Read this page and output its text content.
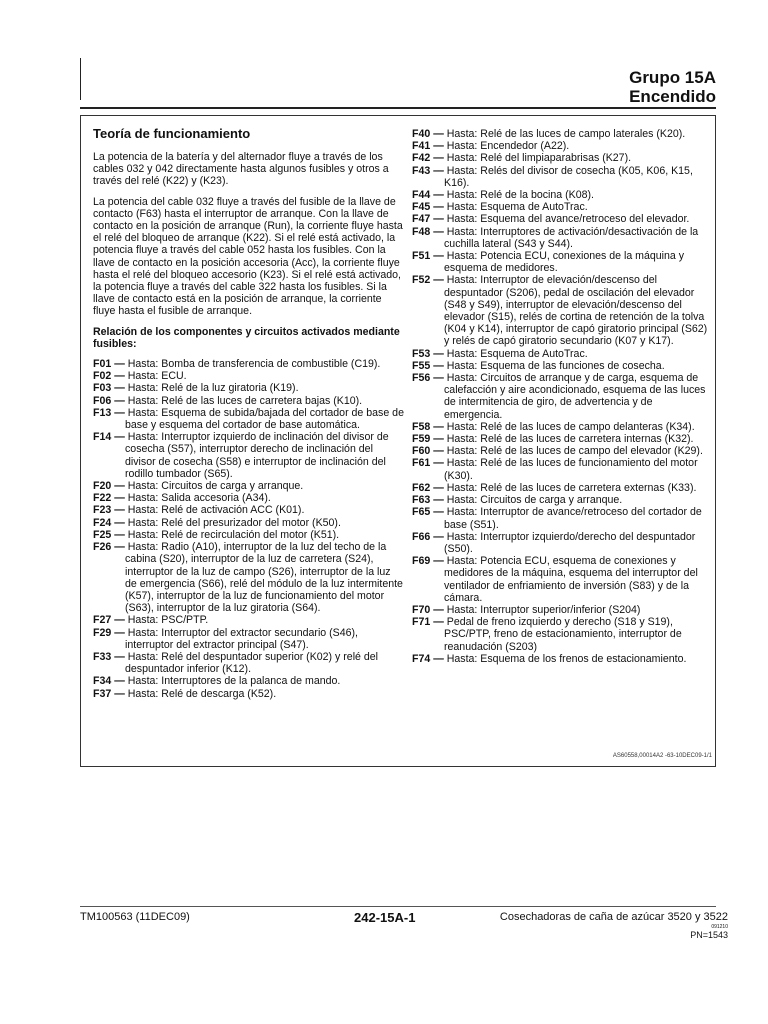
Grupo 15A
Encendido
Teoría de funcionamiento

La potencia de la batería y del alternador fluye a través de los cables 032 y 042 directamente hasta algunos fusibles y otros a través del relé (K22) y (K23).

La potencia del cable 032 fluye a través del fusible de la llave de contacto (F63) hasta el interruptor de arranque. Con la llave de contacto en la posición de arranque (Run), la corriente fluye hasta el relé del bloqueo de arranque (K22). Si el relé está activado, la potencia fluye a través del cable 052 hasta los fusibles. Con la llave de contacto en la posición accesoria (Acc), la corriente fluye hasta el relé del bloqueo accesorio (K23). Si el relé está activado, la potencia fluye a través del cable 322 hasta los fusibles. Si la llave de contacto está en la posición de arranque, la corriente fluye hasta el fusible de arranque.

Relación de los componentes y circuitos activados mediante fusibles:

F01 — Hasta: Bomba de transferencia de combustible (C19).

F02 — Hasta: ECU.

F03 — Hasta: Relé de la luz giratoria (K19).

F06 — Hasta: Relé de las luces de carretera bajas (K10).

F13 — Hasta: Esquema de subida/bajada del cortador de base de base y esquema del cortador de base automática.

F14 — Hasta: Interruptor izquierdo de inclinación del divisor de cosecha (S57), interruptor derecho de inclinación del divisor de cosecha (S58) e interruptor de inclinación del rodillo tumbador (S65).

F20 — Hasta: Circuitos de carga y arranque.

F22 — Hasta: Salida accesoria (A34).

F23 — Hasta: Relé de activación ACC (K01).

F24 — Hasta: Relé del presurizador del motor (K50).

F25 — Hasta: Relé de recirculación del motor (K51).

F26 — Hasta: Radio (A10), interruptor de la luz del techo de la cabina (S20), interruptor de la luz de carretera (S24), interruptor de la luz de campo (S26), interruptor de la luz de emergencia (S66), relé del módulo de la luz intermitente (K57), interruptor de la luz de funcionamiento del motor (S63), interruptor de la luz giratoria (S64).

F27 — Hasta: PSC/PTP.

F29 — Hasta: Interruptor del extractor secundario (S46), interruptor del extractor principal (S47).

F33 — Hasta: Relé del despuntador superior (K02) y relé del despuntador inferior (K12).

F34 — Hasta: Interruptores de la palanca de mando.

F37 — Hasta: Relé de descarga (K52).

F40 — Hasta: Relé de las luces de campo laterales (K20).

F41 — Hasta: Encendedor (A22).

F42 — Hasta: Relé del limpiaparabrisas (K27).

F43 — Hasta: Relés del divisor de cosecha (K05, K06, K15, K16).

F44 — Hasta: Relé de la bocina (K08).

F45 — Hasta: Esquema de AutoTrac.

F47 — Hasta: Esquema del avance/retroceso del elevador.

F48 — Hasta: Interruptores de activación/desactivación de la cuchilla lateral (S43 y S44).

F51 — Hasta: Potencia ECU, conexiones de la máquina y esquema de medidores.

F52 — Hasta: Interruptor de elevación/descenso del despuntador (S206), pedal de oscilación del elevador (S48 y S49), interruptor de elevación/descenso del elevador (S15), relés de cortina de retención de la tolva (K04 y K14), interruptor de capó giratorio principal (S62) y relés de capó giratorio secundario (K07 y K17).

F53 — Hasta: Esquema de AutoTrac.

F55 — Hasta: Esquema de las funciones de cosecha.

F56 — Hasta: Circuitos de arranque y de carga, esquema de calefacción y aire acondicionado, esquema de las luces de intermitencia de giro, de advertencia y de emergencia.

F58 — Hasta: Relé de las luces de campo delanteras (K34).

F59 — Hasta: Relé de las luces de carretera internas (K32).

F60 — Hasta: Relé de las luces de campo del elevador (K29).

F61 — Hasta: Relé de las luces de funcionamiento del motor (K30).

F62 — Hasta: Relé de las luces de carretera externas (K33).

F63 — Hasta: Circuitos de carga y arranque.

F65 — Hasta: Interruptor de avance/retroceso del cortador de base (S51).

F66 — Hasta: Interruptor izquierdo/derecho del despuntador (S50).

F69 — Hasta: Potencia ECU, esquema de conexiones y medidores de la máquina, esquema del interruptor del ventilador de enfriamiento de inversión (S83) y de la cámara.

F70 — Hasta: Interruptor superior/inferior (S204)

F71 — Pedal de freno izquierdo y derecho (S18 y S19), PSC/PTP, freno de estacionamiento, interruptor de reanudación (S203)

F74 — Hasta: Esquema de los frenos de estacionamiento.

AS60558,00014A2 -63-10DEC09-1/1
TM100563 (11DEC09)	242-15A-1	Cosechadoras de caña de azúcar 3520 y 3522
091210
PN=1543
